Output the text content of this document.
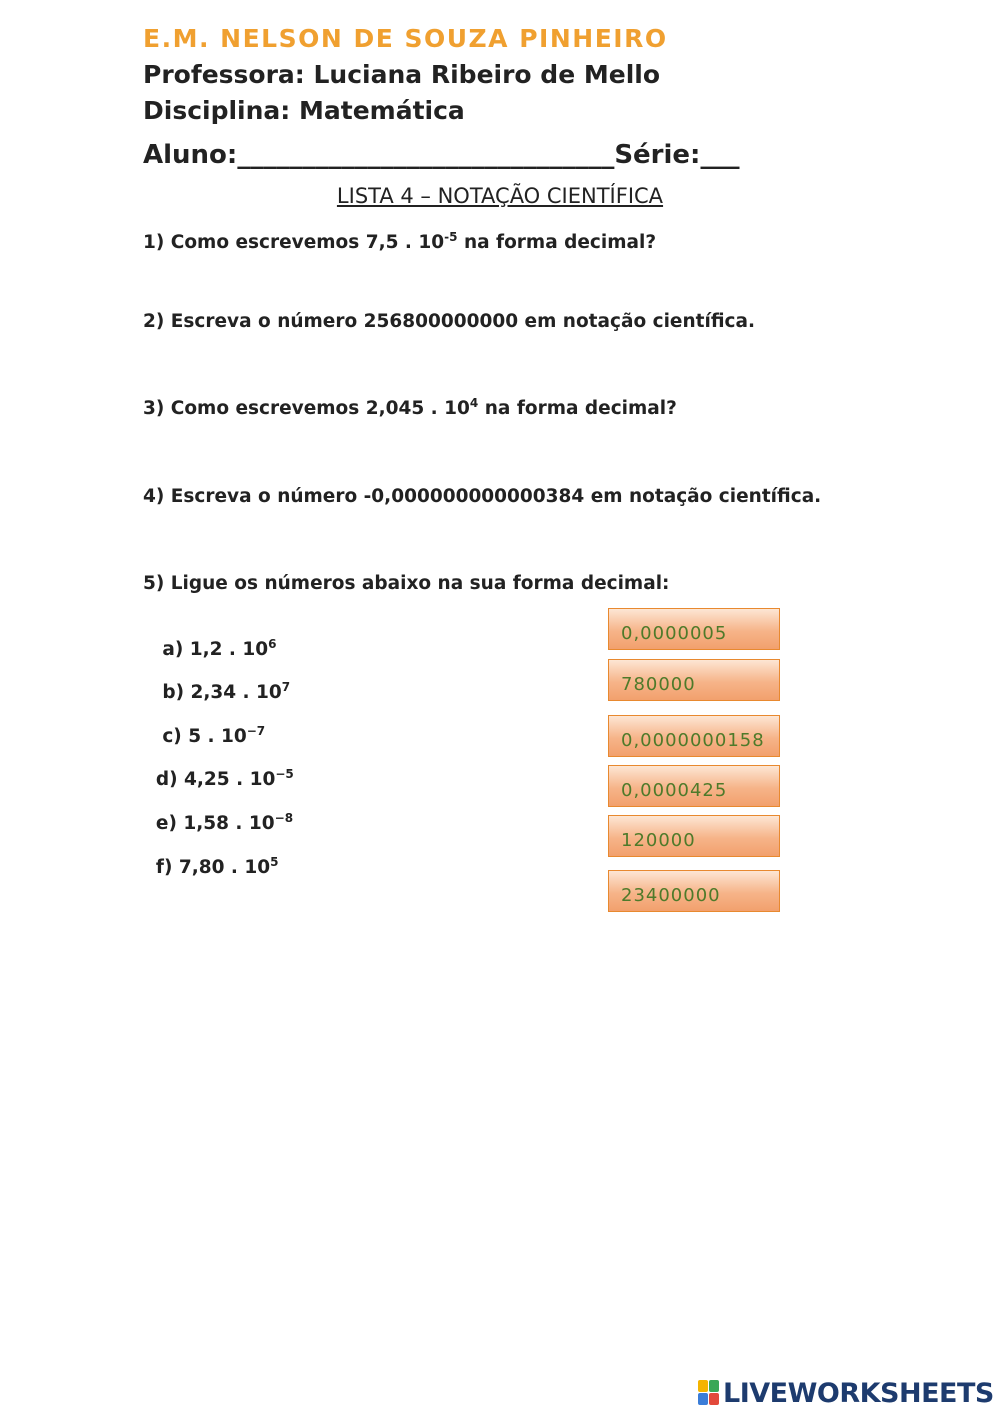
E.M. NELSON DE SOUZA PINHEIRO
Professora: Luciana Ribeiro de Mello
Disciplina: Matemática
Aluno:_____________________________Série:___
LISTA 4 – NOTAÇÃO CIENTÍFICA
1) Como escrevemos 7,5 . $10^{-5}$ na forma decimal?
2) Escreva o número 256800000000 em notação científica.
3) Como escrevemos 2,045 . $10^4$ na forma decimal?
4) Escreva o número -0,000000000000384 em notação científica.
5) Ligue os números abaixo na sua forma decimal:

a) 1,2 . $10^6$

b) 2,34 . $10^7$

c) 5 . $10^{-7}$

d) 4,25 . $10^{-5}$

e) 1,58 . $10^{-8}$

f) 7,80 . $10^5$

0,0000005
780000
0,0000000158
0,0000425
120000
23400000
LIVEWORKSHEETS
